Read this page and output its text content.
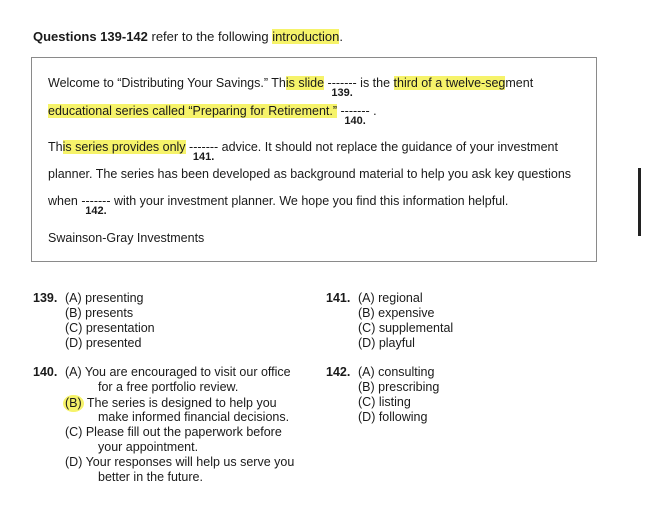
Questions 139-142 refer to the following introduction.
Welcome to “Distributing Your Savings.” This slide -------
139.
is the third of a twelve-segment
educational series called “Preparing for Retirement.” -------
140.
.
This series provides only -------
141.
advice. It should not replace the guidance of your investment
planner. The series has been developed as background material to help you ask key questions
when -------
142.
with your investment planner. We hope you find this information helpful.
Swainson-Gray Investments
139. (A) presenting
(B) presents
(C) presentation
(D) presented
141. (A) regional
(B) expensive
(C) supplemental
(D) playful
140. (A) You are encouraged to visit our office
for a free portfolio review.
(B) The series is designed to help you
make informed financial decisions.
(C) Please fill out the paperwork before
your appointment.
(D) Your responses will help us serve you
better in the future.
142. (A) consulting
(B) prescribing
(C) listing
(D) following
